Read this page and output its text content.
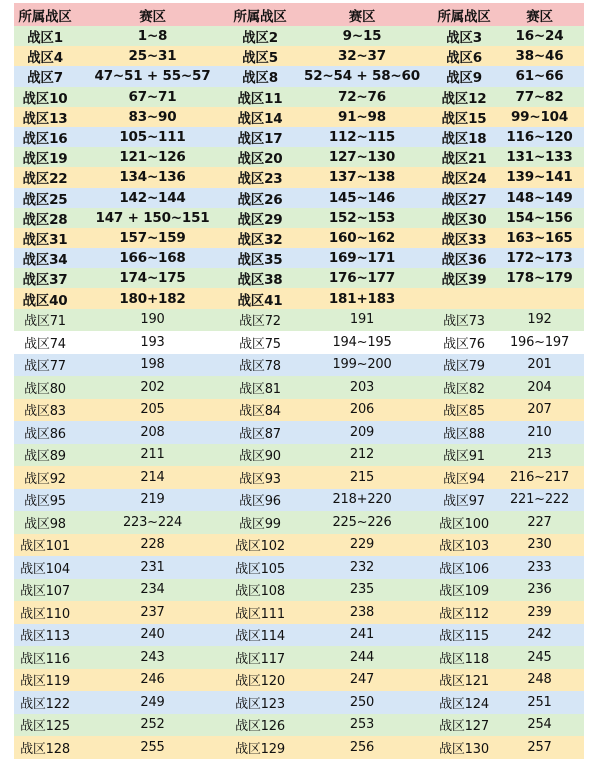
所属战区	赛区	所属战区	赛区	所属战区	赛区
战区1	1~8	战区2	9~15	战区3	16~24
战区4	25~31	战区5	32~37	战区6	38~46
战区7	47~51 + 55~57	战区8	52~54 + 58~60	战区9	61~66
战区10	67~71	战区11	72~76	战区12	77~82
战区13	83~90	战区14	91~98	战区15	99~104
战区16	105~111	战区17	112~115	战区18	116~120
战区19	121~126	战区20	127~130	战区21	131~133
战区22	134~136	战区23	137~138	战区24	139~141
战区25	142~144	战区26	145~146	战区27	148~149
战区28	147 + 150~151	战区29	152~153	战区30	154~156
战区31	157~159	战区32	160~162	战区33	163~165
战区34	166~168	战区35	169~171	战区36	172~173
战区37	174~175	战区38	176~177	战区39	178~179
战区40	180+182	战区41	181+183		
战区71	190	战区72	191	战区73	192
战区74	193	战区75	194~195	战区76	196~197
战区77	198	战区78	199~200	战区79	201
战区80	202	战区81	203	战区82	204
战区83	205	战区84	206	战区85	207
战区86	208	战区87	209	战区88	210
战区89	211	战区90	212	战区91	213
战区92	214	战区93	215	战区94	216~217
战区95	219	战区96	218+220	战区97	221~222
战区98	223~224	战区99	225~226	战区100	227
战区101	228	战区102	229	战区103	230
战区104	231	战区105	232	战区106	233
战区107	234	战区108	235	战区109	236
战区110	237	战区111	238	战区112	239
战区113	240	战区114	241	战区115	242
战区116	243	战区117	244	战区118	245
战区119	246	战区120	247	战区121	248
战区122	249	战区123	250	战区124	251
战区125	252	战区126	253	战区127	254
战区128	255	战区129	256	战区130	257
